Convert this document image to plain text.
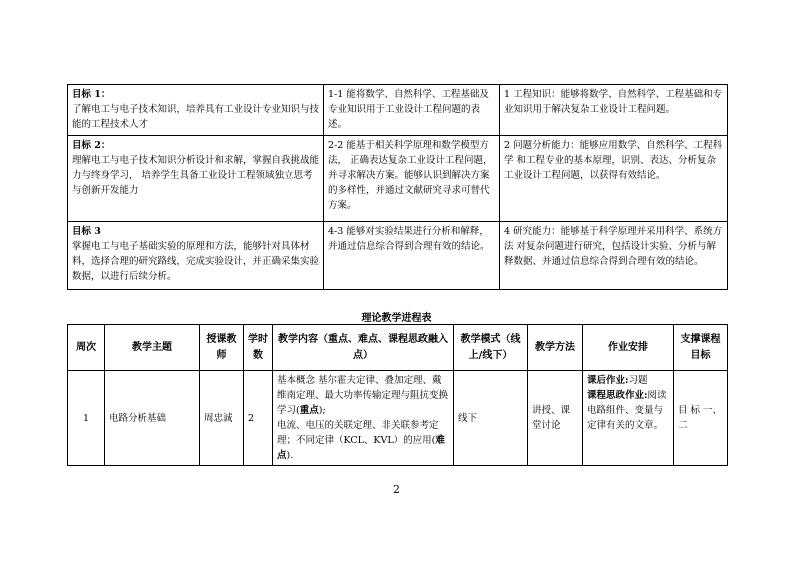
目标 1：
了解电工与电子技术知识，培养具有工业设计专业知识与技能的工程技术人才	1-1 能将数学、自然科学、工程基础及专业知识用于工业设计工程问题的表述。	1 工程知识：能够将数学、自然科学、工程基础和专业知识用于解决复杂工业设计工程问题。

目标 2：
理解电工与电子技术知识分析设计和求解，掌握自我挑战能力与终身学习， 培养学生具备工业设计工程领域独立思考与创新开发能力	2-2 能基于相关科学原理和数学模型方法， 正确表达复杂工业设计工程问题，并寻求解决方案。能够认识到解决方案的多样性，并通过文献研究寻求可替代方案。	2 问题分析能力：能够应用数学、自然科学、工程科学 和工程专业的基本原理，识别、表达、分析复杂工业设计工程问题，以获得有效结论。

目标 3
掌握电工与电子基础实验的原理和方法，能够针对具体材料，选择合理的研究路线，完成实验设计，并正确采集实验数据，以进行后续分析。	4-3 能够对实验结果进行分析和解释，并通过信息综合得到合理有效的结论。	4 研究能力：能够基于科学原理并采用科学、系统方法 对复杂问题进行研究，包括设计实验、分析与解释数据、并通过信息综合得到合理有效的结论。
理论教学进程表
周次	教学主题	授课教师	学时数	教学内容（重点、难点、课程思政融入点）	教学模式（线上/线下）	教学方法	作业安排	支撑课程目标
1	电路分析基础	周忠诚	2	基本概念 基尔霍夫定律、叠加定理、戴维南定理、最大功率传输定理与阻抗变换学习(重点);
电流、电压的关联定理、非关联参考定理；不同定律（KCL、KVL）的应用(难点).	线下	讲授、课堂讨论	课后作业:习题
课程思政作业:阅读电路组件、变量与定律有关的文章。	目 标 一、二
2
